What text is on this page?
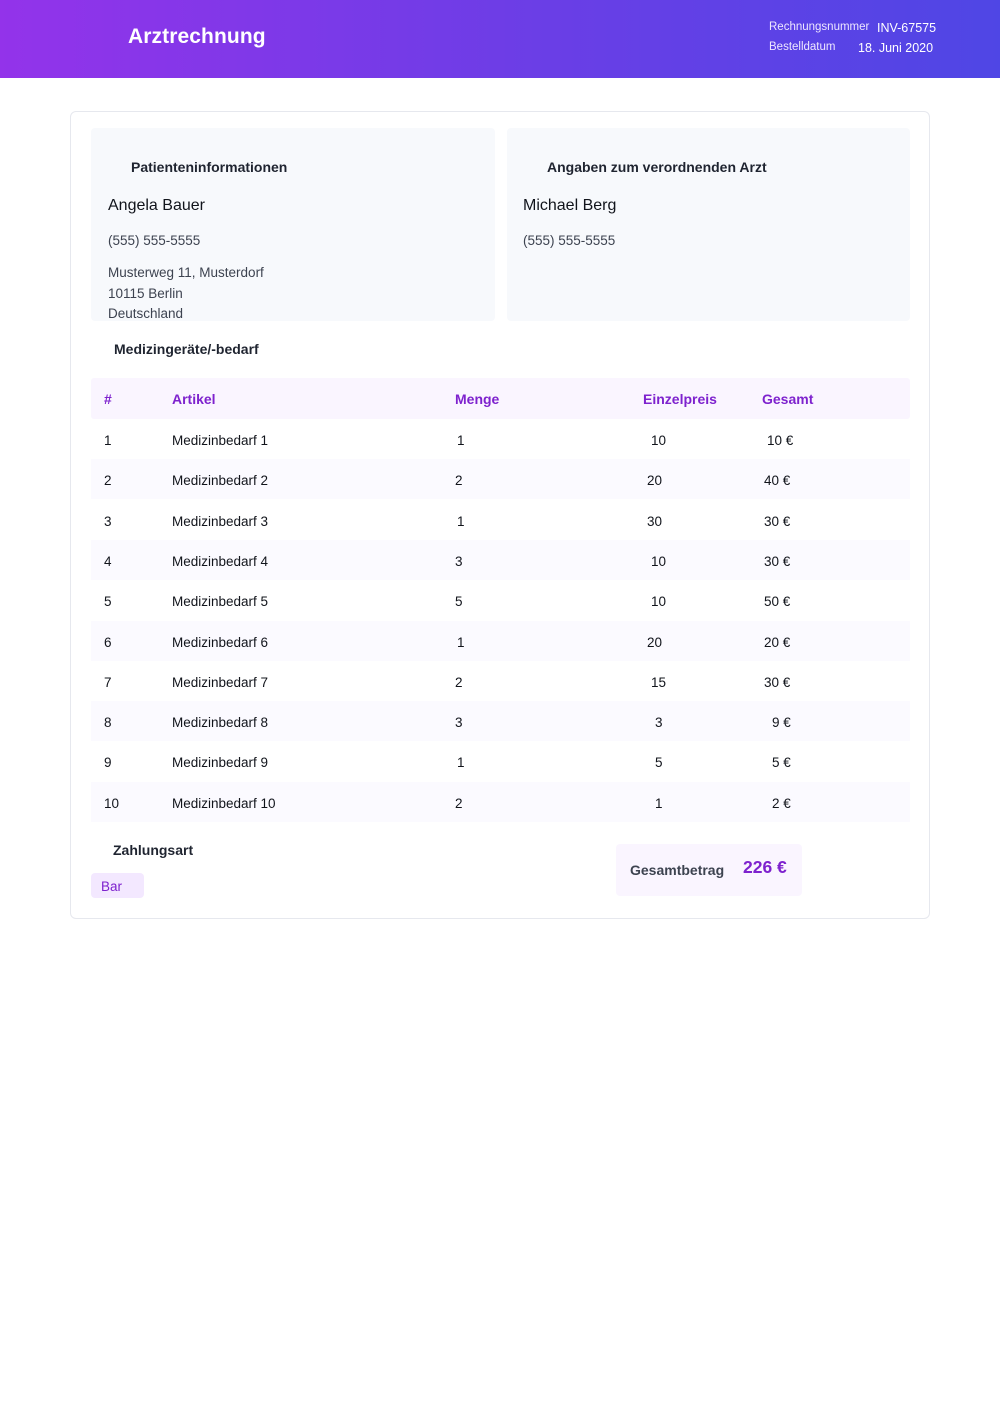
Arztrechnung	Rechnungsnummer INV-67575
Bestelldatum 18. Juni 2020
Patienteninformationen
Angela Bauer
(555) 555-5555
Musterweg 11, Musterdorf
10115 Berlin
Deutschland
Angaben zum verordnenden Arzt
Michael Berg
(555) 555-5555
Medizingeräte/-bedarf
#	Artikel	Menge	Einzelpreis	Gesamt
1	Medizinbedarf 1	1	10	10 €
2	Medizinbedarf 2	2	20	40 €
3	Medizinbedarf 3	1	30	30 €
4	Medizinbedarf 4	3	10	30 €
5	Medizinbedarf 5	5	10	50 €
6	Medizinbedarf 6	1	20	20 €
7	Medizinbedarf 7	2	15	30 €
8	Medizinbedarf 8	3	3	9 €
9	Medizinbedarf 9	1	5	5 €
10	Medizinbedarf 10	2	1	2 €
Zahlungsart
Bar
Gesamtbetrag 226 €
